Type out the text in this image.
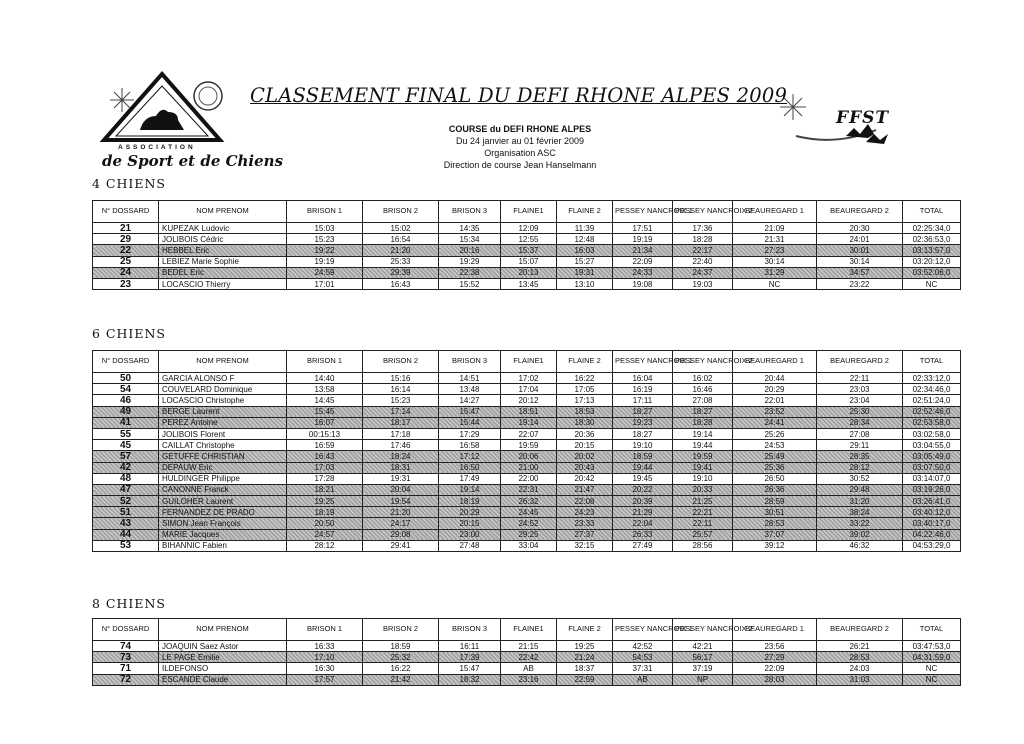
ASSOCIATION
de Sport et de Chiens
FFST
CLASSEMENT FINAL DU DEFI RHONE ALPES 2009
COURSE du DEFI RHONE ALPES
Du 24 janvier au 01 février 2009
Organisation ASC
Direction de course Jean Hanselmann
4 CHIENS
N° DOSSARD	NOM PRENOM	BRISON 1	BRISON 2	BRISON 3	FLAINE1	FLAINE 2	PESSEY NANCROIX 1	PESSEY NANCROIX 2	BEAUREGARD 1	BEAUREGARD 2	TOTAL
21	KUPEZAK Ludovic	15:03	15:02	14:35	12:09	11:39	17:51	17:36	21:09	20:30	02:25:34,0
29	JOLIBOIS Cédric	15:23	16:54	15:34	12:55	12:48	19:19	18:28	21:31	24:01	02:36:53,0
22	HEBBEL Eric	19:22	21:20	20:16	15:37	16:03	21:34	22:17	27:23	30:01	03:13:57,0
25	LEBIEZ Marie Sophie	19:19	25:33	19:29	15:07	15:27	22:09	22:40	30:14	30:14	03:20:12,0
24	BEDEL Eric	24:59	29:39	22:38	20:13	19:31	24:33	24:37	31:29	34:57	03:52:06,0
23	LOCASCIO Thierry	17:01	16:43	15:52	13:45	13:10	19:08	19:03	NC	23:22	NC
6 CHIENS
N° DOSSARD	NOM PRENOM	BRISON 1	BRISON 2	BRISON 3	FLAINE1	FLAINE 2	PESSEY NANCROIX 1	PESSEY NANCROIX 2	BEAUREGARD 1	BEAUREGARD 2	TOTAL
50	GARCIA ALONSO F	14:40	15:16	14:51	17:02	16:22	16:04	16:02	20:44	22:11	02:33:12,0
54	COUVELARD Dominique	13:58	16:14	13:48	17:04	17:05	16:19	16:46	20:29	23:03	02:34:46,0
46	LOCASCIO Christophe	14:45	15:23	14:27	20:12	17:13	17:11	27:08	22:01	23:04	02:51:24,0
49	BERGE Laurent	15:45	17:14	15:47	18:51	18:53	18:27	18:27	23:52	25:30	02:52:46,0
41	PEREZ Antoine	16:07	18:17	15:44	19:14	18:30	19:23	18:28	24:41	28:34	02:53:58,0
55	JOLIBOIS Florent	00:15:13	17:18	17:29	22:07	20:36	18:27	19:14	25:26	27:08	03:02:58,0
45	CAILLAT Christophe	16:59	17:46	16:58	19:59	20:15	19:10	19:44	24:53	29:11	03:04:55,0
57	GETUFFE CHRISTIAN	16:43	18:24	17:12	20:06	20:02	18:59	19:59	25:49	28:35	03:05:49,0
42	DEPAUW Eric	17:03	18:31	16:50	21:00	20:43	19:44	19:41	25:36	28:12	03:07:50,0
48	HULDINGER Philippe	17:28	19:31	17:49	22:00	20:42	19:45	19:10	26:50	30:52	03:14:07,0
47	CANONNE Franck	18:21	20:04	19:14	22:31	21:47	20:22	20:33	26:36	29:48	03:19:26,0
52	GUILOHER Laurent	19:25	19:54	18:19	26:32	22:08	20:39	21:25	28:59	31:20	03:26:41,0
51	FERNANDEZ DE PRADO	18:19	21:20	20:29	24:45	24:23	21:29	22:21	30:51	38:24	03:40:12,0
43	SIMON Jean François	20:50	24:17	20:15	24:52	23:33	22:04	22:11	28:53	33:22	03:40:17,0
44	MARIE Jacques	24:57	29:08	23:00	29:25	27:37	26:33	25:57	37:07	39:02	04:22:46,0
53	BIHANNIC Fabien	28:12	29:41	27:48	33:04	32:15	27:49	28:56	39:12	46:32	04:53:29,0
8 CHIENS
N° DOSSARD	NOM PRENOM	BRISON 1	BRISON 2	BRISON 3	FLAINE1	FLAINE 2	PESSEY NANCROIX 1	PESSEY NANCROIX 2	BEAUREGARD 1	BEAUREGARD 2	TOTAL
74	JOAQUIN Saez Astor	16:33	18:59	16:11	21:15	19:25	42:52	42:21	23:56	26:21	03:47:53,0
73	LE PAGE Emilie	17:10	25:32	17:39	22:42	21:24	54:53	56:17	27:29	28:53	04:31:59,0
71	ILDEFONSO	16:30	16:22	15:47	AB	18:37	37:31	37:19	22:09	24:03	NC
72	ESCANDE Claude	17:57	21:42	18:32	23:16	22:59	AB	NP	28:03	31:03	NC
